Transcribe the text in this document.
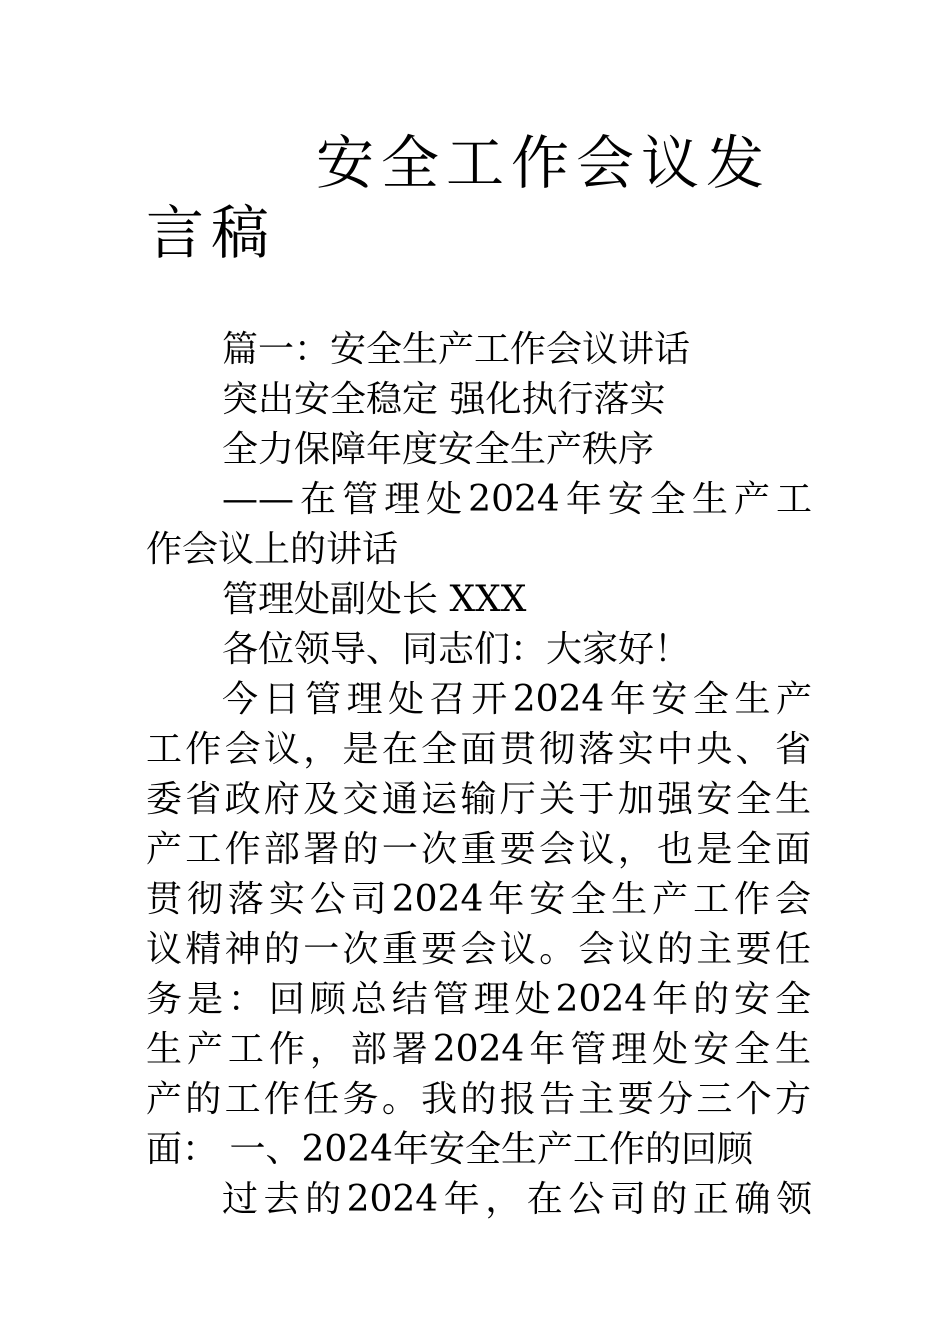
安全工作会议发言稿

篇一：安全生产工作会议讲话

突出安全稳定 强化执行落实

全力保障年度安全生产秩序

——在管理处2024年安全生产工

作会议上的讲话

管理处副处长 XXX

各位领导、同志们：大家好！

今日管理处召开2024年安全生产

工作会议，是在全面贯彻落实中央、省

委省政府及交通运输厅关于加强安全生

产工作部署的一次重要会议，也是全面

贯彻落实公司2024年安全生产工作会

议精神的一次重要会议。会议的主要任

务是：回顾总结管理处2024年的安全

生产工作，部署2024年管理处安全生

产的工作任务。我的报告主要分三个方

面： 一、2024年安全生产工作的回顾

过去的2024年，在公司的正确领
